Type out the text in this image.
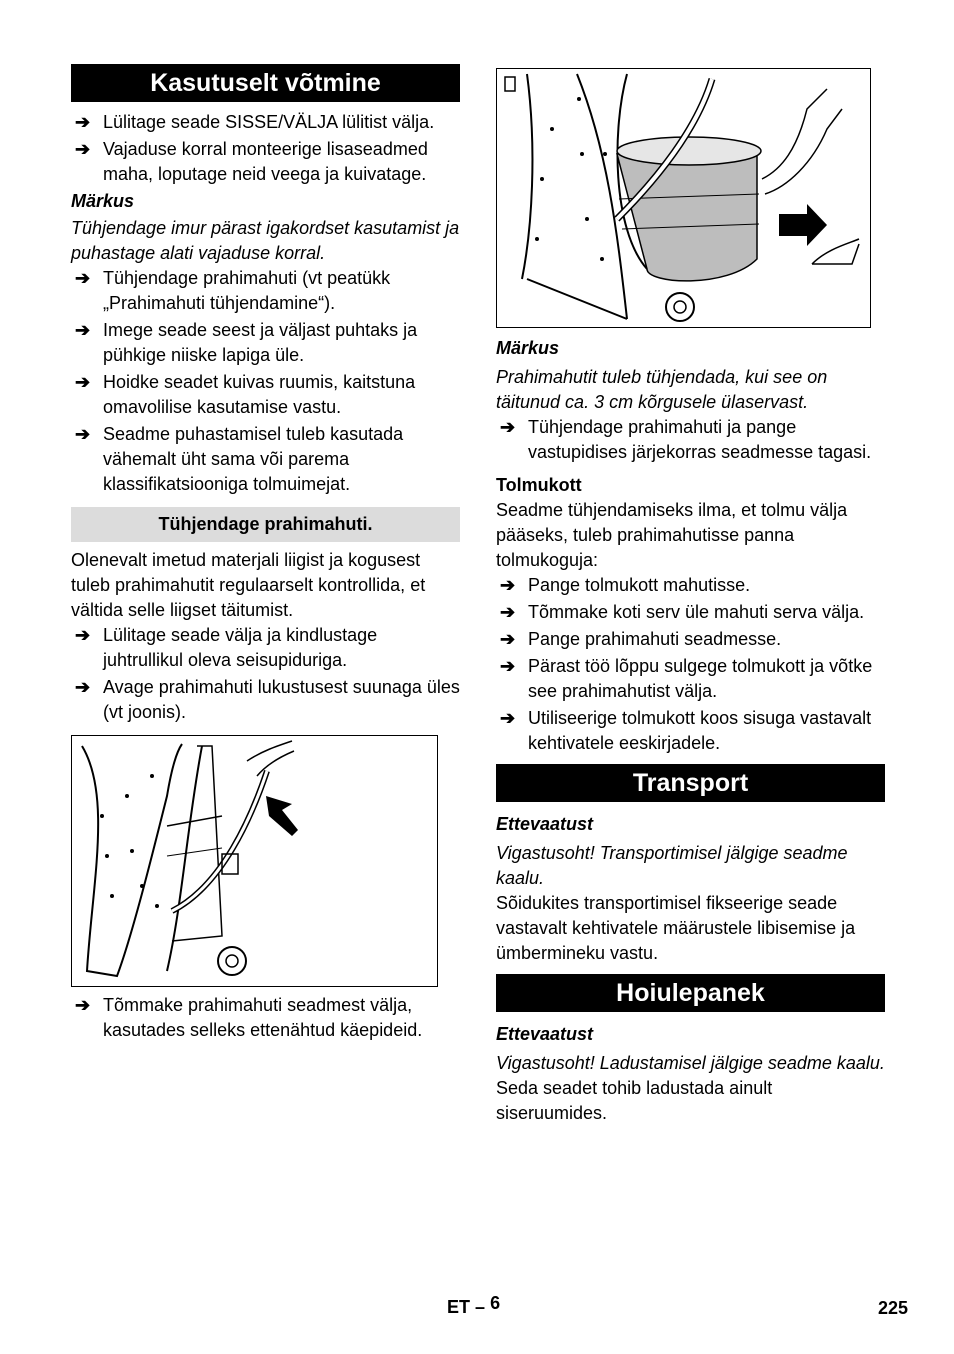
Kasutuselt võtmine
➔ Lülitage seade SISSE/VÄLJA lülitist välja.
➔ Vajaduse korral monteerige lisaseadmed maha, loputage neid veega ja kuivatage.
Märkus

Tühjendage imur pärast igakordset kasutamist ja puhastage alati vajaduse korral.

➔ Tühjendage prahimahuti (vt peatükk „Prahimahuti tühjendamine“).
➔ Imege seade seest ja väljast puhtaks ja pühkige niiske lapiga üle.
➔ Hoidke seadet kuivas ruumis, kaitstuna omavolilise kasutamise vastu.
➔ Seadme puhastamisel tuleb kasutada vähemalt üht sama või parema klassifikatsiooniga tolmuimejat.
Tühjendage prahimahuti.

Olenevalt imetud materjali liigist ja kogusest tuleb prahimahutit regulaarselt kontrollida, et vältida selle liigset täitumist.

➔ Lülitage seade välja ja kindlustage juhtrullikul oleva seisupiduriga.
➔ Avage prahimahuti lukustusest suunaga üles (vt joonis).
➔ Tõmmake prahimahuti seadmest välja, kasutades selleks ettenähtud käepideid.
Märkus

Prahimahutit tuleb tühjendada, kui see on täitunud ca. 3 cm kõrgusele ülaservast.

➔ Tühjendage prahimahuti ja pange vastupidises järjekorras seadmesse tagasi.
Tolmukott

Seadme tühjendamiseks ilma, et tolmu välja pääseks, tuleb prahimahutisse panna tolmukoguja:

➔ Pange tolmukott mahutisse.
➔ Tõmmake koti serv üle mahuti serva välja.
➔ Pange prahimahuti seadmesse.
➔ Pärast töö lõppu sulgege tolmukott ja võtke see prahimahutist välja.
➔ Utiliseerige tolmukott koos sisuga vastavalt kehtivatele eeskirjadele.
Transport
Ettevaatust

Vigastusoht! Transportimisel jälgige seadme kaalu.

Sõidukites transportimisel fikseerige seade vastavalt kehtivatele määrustele libisemise ja ümbermineku vastu.

Hoiulepanek
Ettevaatust

Vigastusoht! Ladustamisel jälgige seadme kaalu.

Seda seadet tohib ladustada ainult siseruumides.

ET – 6	225
